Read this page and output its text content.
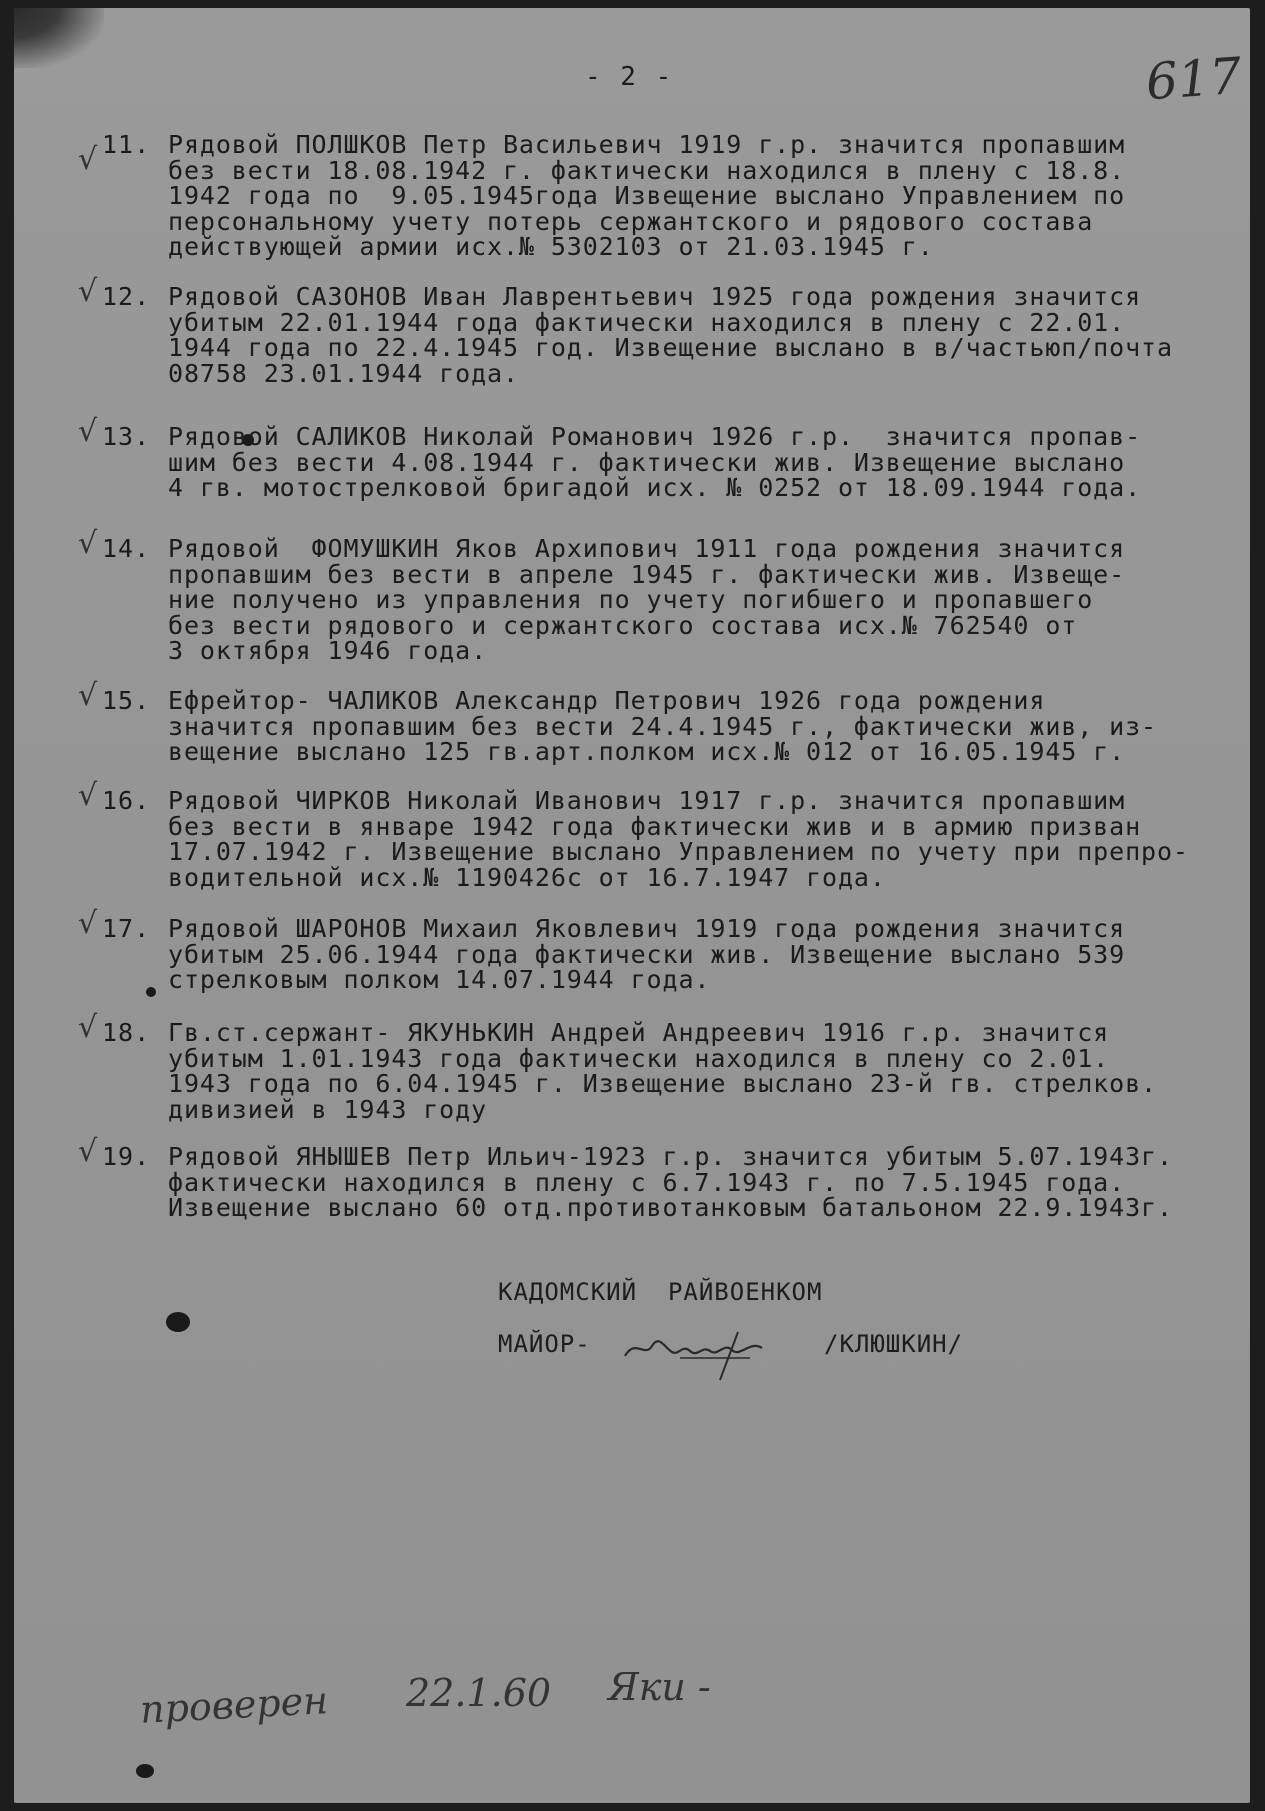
- 2 -	617
√ 11. Рядовой ПОЛШКОВ Петр Васильевич 1919 г.р. значится пропавшим
без вести 18.08.1942 г. фактически находился в плену с 18.8.
1942 года по  9.05.1945года Извещение выслано Управлением по
персональному учету потерь сержантского и рядового состава
действующей армии исх.№ 5302103 от 21.03.1945 г.
√ 12. Рядовой САЗОНОВ Иван Лаврентьевич 1925 года рождения значится
убитым 22.01.1944 года фактически находился в плену с 22.01.
1944 года по 22.4.1945 год. Извещение выслано в в/частьюп/почта
08758 23.01.1944 года.
√ 13. Рядовой САЛИКОВ Николай Романович 1926 г.р.  значится пропав-
шим без вести 4.08.1944 г. фактически жив. Извещение выслано
4 гв. мотострелковой бригадой исх. № 0252 от 18.09.1944 года.
√ 14. Рядовой  ФОМУШКИН Яков Архипович 1911 года рождения значится
пропавшим без вести в апреле 1945 г. фактически жив. Извеще-
ние получено из управления по учету погибшего и пропавшего
без вести рядового и сержантского состава исх.№ 762540 от
3 октября 1946 года.
√ 15. Ефрейтор- ЧАЛИКОВ Александр Петрович 1926 года рождения
значится пропавшим без вести 24.4.1945 г., фактически жив, из-
вещение выслано 125 гв.арт.полком исх.№ 012 от 16.05.1945 г.
√ 16. Рядовой ЧИРКОВ Николай Иванович 1917 г.р. значится пропавшим
без вести в январе 1942 года фактически жив и в армию призван
17.07.1942 г. Извещение выслано Управлением по учету при препро-
водительной исх.№ 1190426с от 16.7.1947 года.
√ 17. Рядовой ШАРОНОВ Михаил Яковлевич 1919 года рождения значится
убитым 25.06.1944 года фактически жив. Извещение выслано 539
стрелковым полком 14.07.1944 года.
√ 18. Гв.ст.сержант- ЯКУНЬКИН Андрей Андреевич 1916 г.р. значится
убитым 1.01.1943 года фактически находился в плену со 2.01.
1943 года по 6.04.1945 г. Извещение выслано 23-й гв. стрелков.
дивизией в 1943 году
√ 19. Рядовой ЯНЫШЕВ Петр Ильич-1923 г.р. значится убитым 5.07.1943г.
фактически находился в плену с 6.7.1943 г. по 7.5.1945 года.
Извещение выслано 60 отд.противотанковым батальоном 22.9.1943г.
КАДОМСКИЙ  РАЙВОЕНКОМ
МАЙОР-	/КЛЮШКИН/
проверен 22.1.60 Яки -
